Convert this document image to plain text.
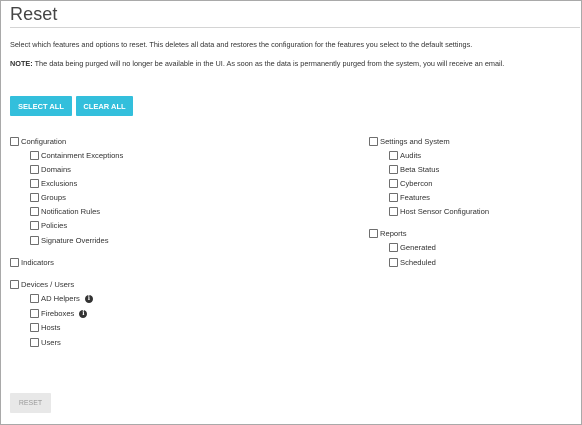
Reset
Select which features and options to reset. This deletes all data and restores the configuration for the features you select to the default settings.
NOTE: The data being purged will no longer be available in the UI. As soon as the data is permanently purged from the system, you will receive an email.
SELECT ALL	CLEAR ALL
Configuration
Containment Exceptions
Domains
Exclusions
Groups
Notification Rules
Policies
Signature Overrides
Indicators
Devices / Users
AD Helpers	i
Fireboxes	i
Hosts
Users
Settings and System
Audits
Beta Status
Cybercon
Features
Host Sensor Configuration
Reports
Generated
Scheduled
RESET
